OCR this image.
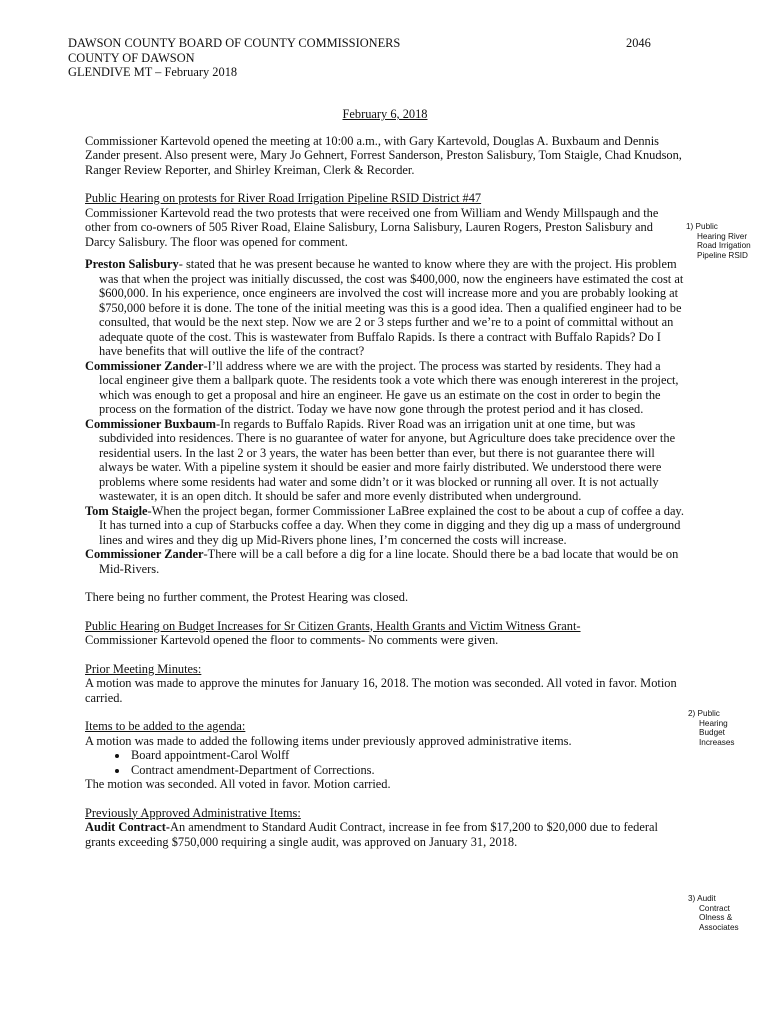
DAWSON COUNTY BOARD OF COUNTY COMMISSIONERS
COUNTY OF DAWSON
GLENDIVE MT – February 2018
2046

February 6, 2018

Commissioner Kartevold opened the meeting at 10:00 a.m., with Gary Kartevold, Douglas A. Buxbaum and Dennis Zander present. Also present were, Mary Jo Gehnert, Forrest Sanderson, Preston Salisbury, Tom Staigle, Chad Knudson, Ranger Review Reporter, and Shirley Kreiman, Clerk & Recorder.

Public Hearing on protests for River Road Irrigation Pipeline RSID District #47

Commissioner Kartevold read the two protests that were received one from William and Wendy Millspaugh and the other from co-owners of 505 River Road, Elaine Salisbury, Lorna Salisbury, Lauren Rogers, Preston Salisbury and Darcy Salisbury. The floor was opened for comment.

Preston Salisbury- stated that he was present because he wanted to know where they are with the project. His problem was that when the project was initially discussed, the cost was $400,000, now the engineers have estimated the cost at $600,000. In his experience, once engineers are involved the cost will increase more and you are probably looking at $750,000 before it is done. The tone of the initial meeting was this is a good idea. Then a qualified engineer had to be consulted, that would be the next step. Now we are 2 or 3 steps further and we’re to a point of committal without an adequate quote of the cost. This is wastewater from Buffalo Rapids. Is there a contract with Buffalo Rapids? Do I have benefits that will outlive the life of the contract?

Commissioner Zander-I’ll address where we are with the project. The process was started by residents. They had a local engineer give them a ballpark quote. The residents took a vote which there was enough intererest in the project, which was enough to get a proposal and hire an engineer. He gave us an estimate on the cost in order to begin the process on the formation of the district. Today we have now gone through the protest period and it has closed.

Commissioner Buxbaum-In regards to Buffalo Rapids. River Road was an irrigation unit at one time, but was subdivided into residences. There is no guarantee of water for anyone, but Agriculture does take precidence over the residential users. In the last 2 or 3 years, the water has been better than ever, but there is not guarantee there will always be water. With a pipeline system it should be easier and more fairly distributed. We understood there were problems where some residents had water and some didn’t or it was blocked or running all over. It is not actually wastewater, it is an open ditch. It should be safer and more evenly distributed when underground.

Tom Staigle-When the project began, former Commissioner LaBree explained the cost to be about a cup of coffee a day. It has turned into a cup of Starbucks coffee a day. When they come in digging and they dig up a mass of underground lines and wires and they dig up Mid-Rivers phone lines, I’m concerned the costs will increase.

Commissioner Zander-There will be a call before a dig for a line locate. Should there be a bad locate that would be on Mid-Rivers.

There being no further comment, the Protest Hearing was closed.

Public Hearing on Budget Increases for Sr Citizen Grants, Health Grants and Victim Witness Grant-

Commissioner Kartevold opened the floor to comments- No comments were given.

Prior Meeting Minutes:

A motion was made to approve the minutes for January 16, 2018. The motion was seconded. All voted in favor. Motion carried.

Items to be added to the agenda:

A motion was made to added the following items under previously approved administrative items.

• Board appointment-Carol Wolff
• Contract amendment-Department of Corrections.

The motion was seconded. All voted in favor. Motion carried.

Previously Approved Administrative Items:

Audit Contract-An amendment to Standard Audit Contract, increase in fee from $17,200 to $20,000 due to federal grants exceeding $750,000 requiring a single audit, was approved on January 31, 2018.

1) Public
Hearing River Road Irrigation Pipeline RSID
2) Public
Hearing Budget Increases
3) Audit
Contract Olness & Associates
